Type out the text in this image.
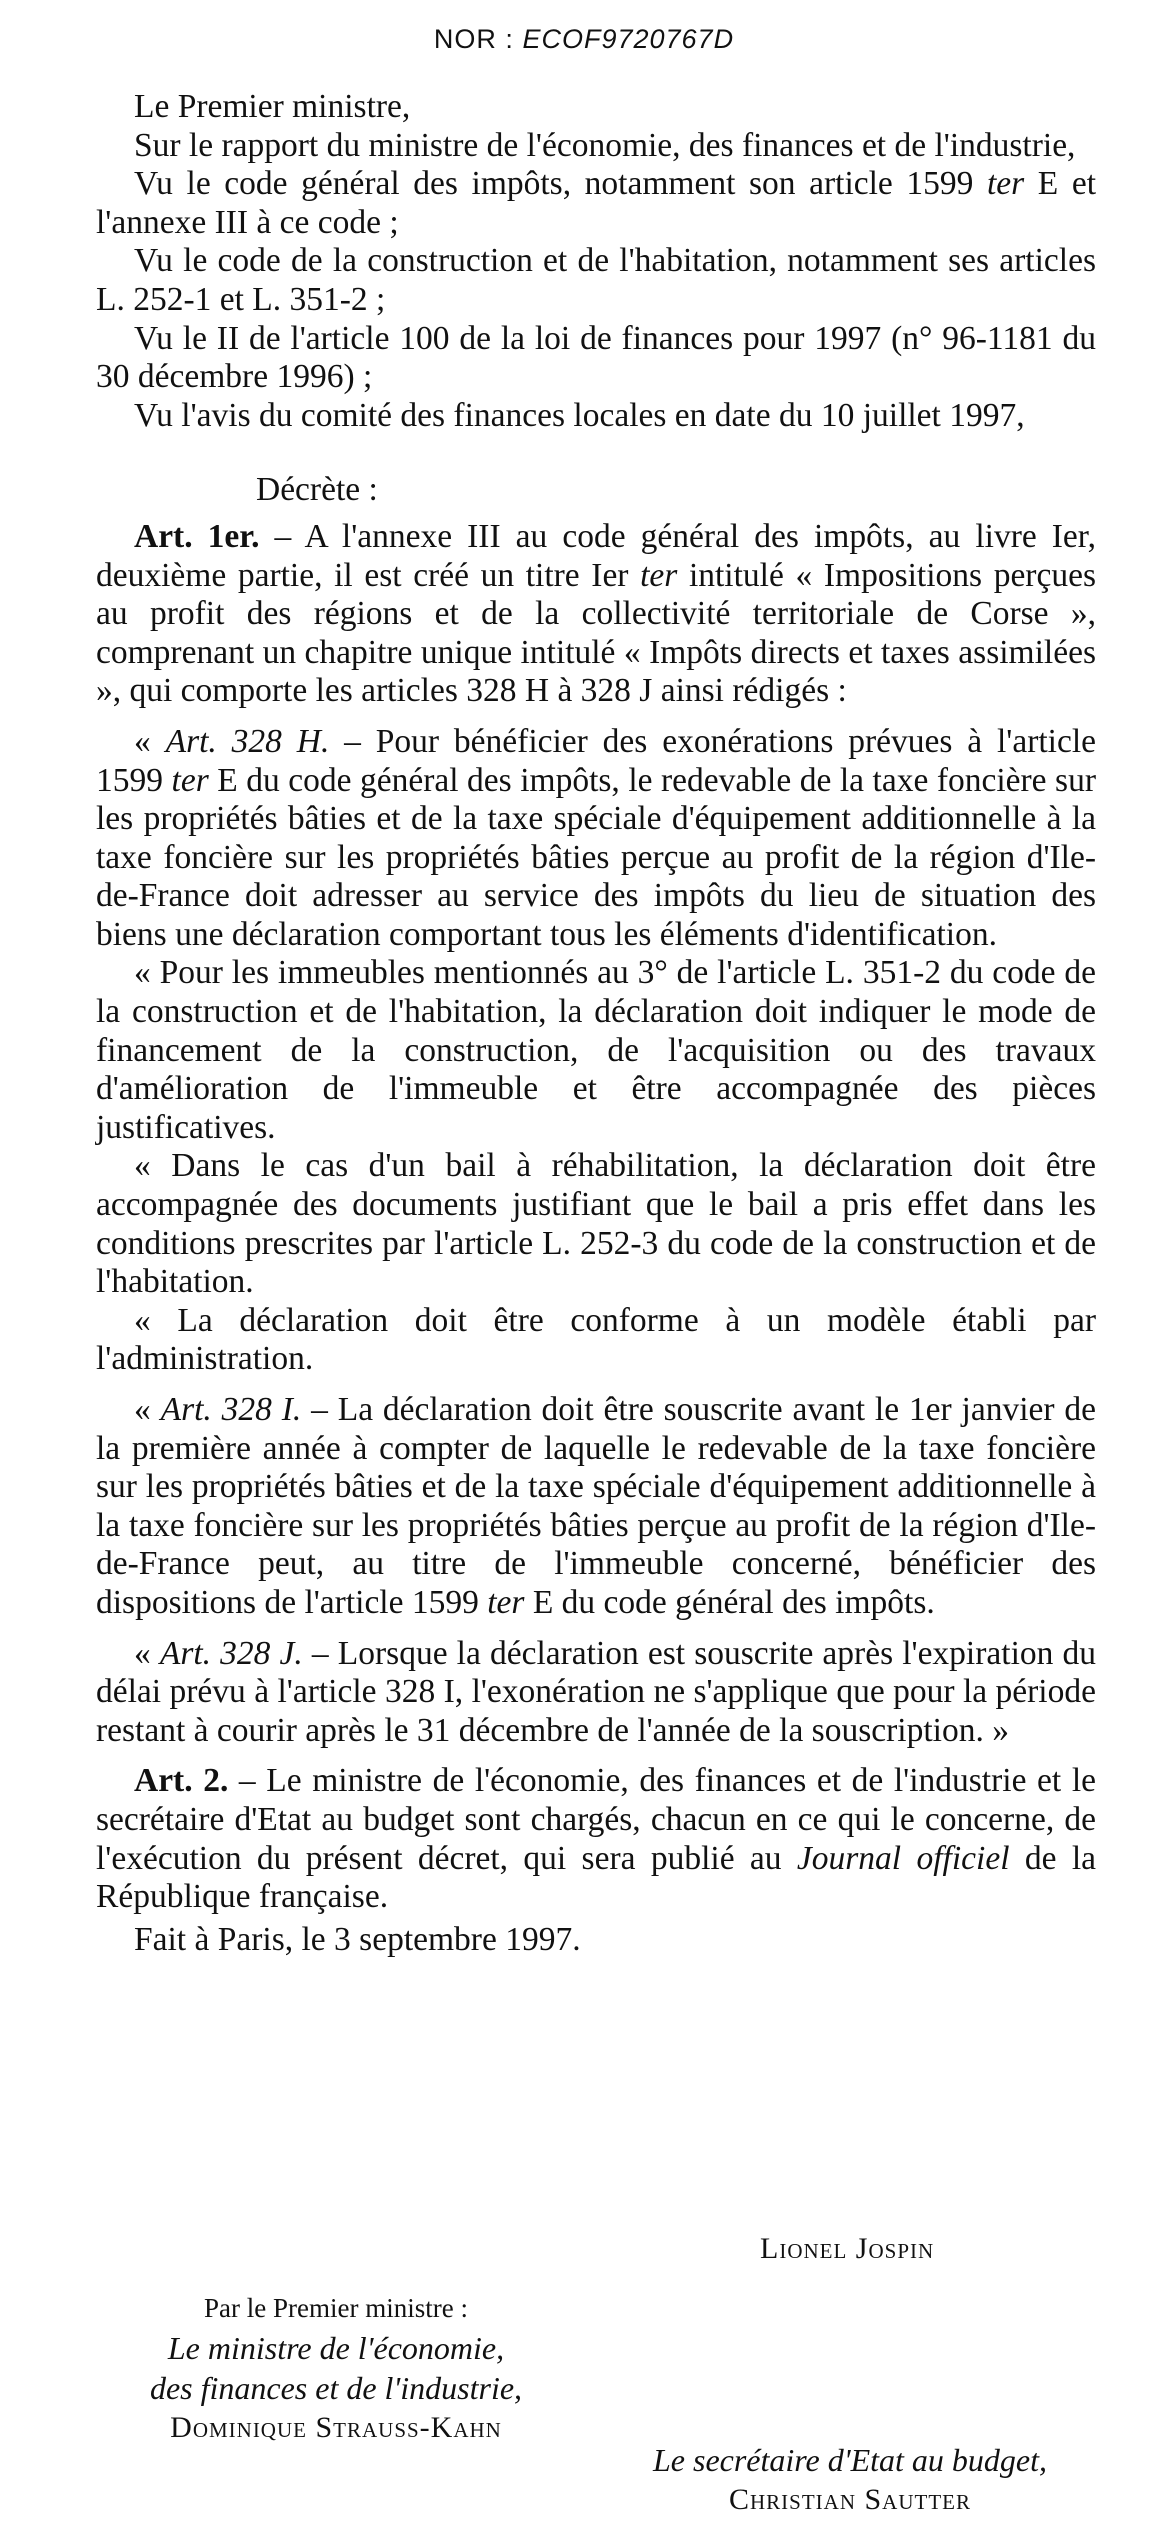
NOR : ECOF9720767D

Le Premier ministre,

Sur le rapport du ministre de l'économie, des finances et de l'industrie,

Vu le code général des impôts, notamment son article 1599 ter E et l'annexe III à ce code ;

Vu le code de la construction et de l'habitation, notamment ses articles L. 252-1 et L. 351-2 ;

Vu le II de l'article 100 de la loi de finances pour 1997 (n° 96-1181 du 30 décembre 1996) ;

Vu l'avis du comité des finances locales en date du 10 juillet 1997,

Décrète :

Art. 1er. – A l'annexe III au code général des impôts, au livre Ier, deuxième partie, il est créé un titre Ier ter intitulé « Impositions perçues au profit des régions et de la collectivité territoriale de Corse », comprenant un chapitre unique intitulé « Impôts directs et taxes assimilées », qui comporte les articles 328 H à 328 J ainsi rédigés :

« Art. 328 H. – Pour bénéficier des exonérations prévues à l'article 1599 ter E du code général des impôts, le redevable de la taxe foncière sur les propriétés bâties et de la taxe spéciale d'équipement additionnelle à la taxe foncière sur les propriétés bâties perçue au profit de la région d'Ile-de-France doit adresser au service des impôts du lieu de situation des biens une déclaration comportant tous les éléments d'identification.

« Pour les immeubles mentionnés au 3° de l'article L. 351-2 du code de la construction et de l'habitation, la déclaration doit indiquer le mode de financement de la construction, de l'acquisition ou des travaux d'amélioration de l'immeuble et être accompagnée des pièces justificatives.

« Dans le cas d'un bail à réhabilitation, la déclaration doit être accompagnée des documents justifiant que le bail a pris effet dans les conditions prescrites par l'article L. 252-3 du code de la construction et de l'habitation.

« La déclaration doit être conforme à un modèle établi par l'administration.

« Art. 328 I. – La déclaration doit être souscrite avant le 1er janvier de la première année à compter de laquelle le redevable de la taxe foncière sur les propriétés bâties et de la taxe spéciale d'équipement additionnelle à la taxe foncière sur les propriétés bâties perçue au profit de la région d'Ile-de-France peut, au titre de l'immeuble concerné, bénéficier des dispositions de l'article 1599 ter E du code général des impôts.

« Art. 328 J. – Lorsque la déclaration est souscrite après l'expiration du délai prévu à l'article 328 I, l'exonération ne s'applique que pour la période restant à courir après le 31 décembre de l'année de la souscription. »

Art. 2. – Le ministre de l'économie, des finances et de l'industrie et le secrétaire d'Etat au budget sont chargés, chacun en ce qui le concerne, de l'exécution du présent décret, qui sera publié au Journal officiel de la République française.

Fait à Paris, le 3 septembre 1997.

Lionel Jospin
Par le Premier ministre :
Le ministre de l'économie,
des finances et de l'industrie,
Dominique Strauss-Kahn
Le secrétaire d'Etat au budget,
Christian Sautter
